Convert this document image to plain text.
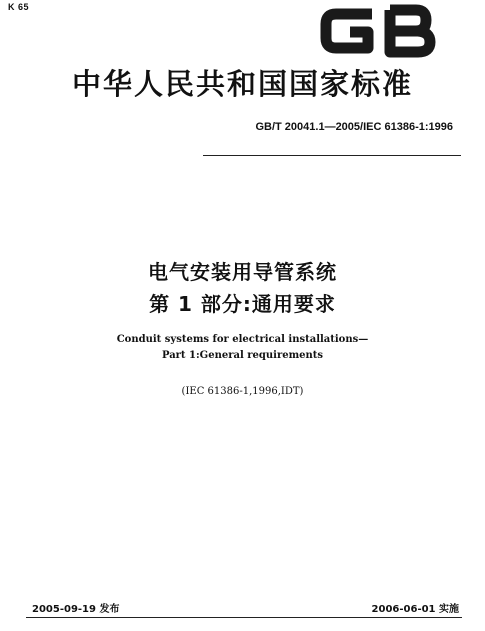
K 65
中华人民共和国国家标准
GB/T 20041.1—2005/IEC 61386-1:1996
电气安装用导管系统
第 1 部分:通用要求
Conduit systems for electrical installations—
Part 1:General requirements
(IEC 61386-1,1996,IDT)
2005-09-19 发布	2006-06-01 实施
